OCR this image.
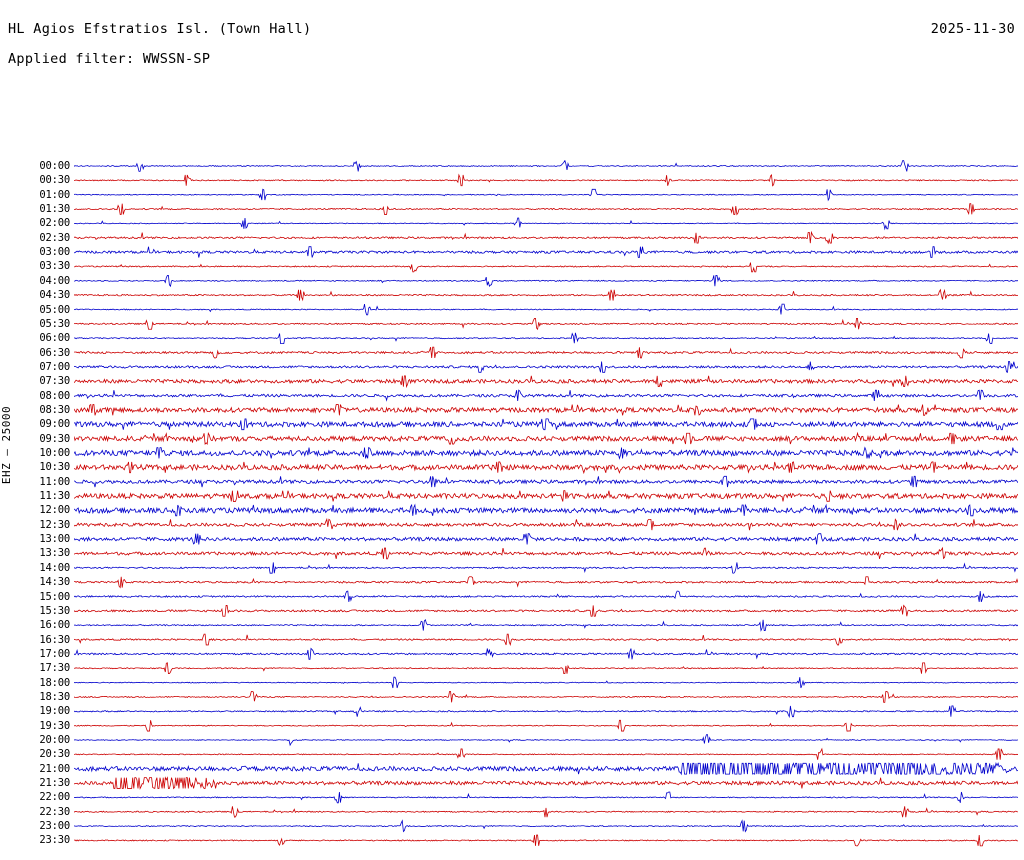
HL Agios Efstratios Isl. (Town Hall)	2025-11-30
Applied filter: WWSSN-SP
ΕΗΖ – 25000
00:00
00:30
01:00
01:30
02:00
02:30
03:00
03:30
04:00
04:30
05:00
05:30
06:00
06:30
07:00
07:30
08:00
08:30
09:00
09:30
10:00
10:30
11:00
11:30
12:00
12:30
13:00
13:30
14:00
14:30
15:00
15:30
16:00
16:30
17:00
17:30
18:00
18:30
19:00
19:30
20:00
20:30
21:00
21:30
22:00
22:30
23:00
23:30
